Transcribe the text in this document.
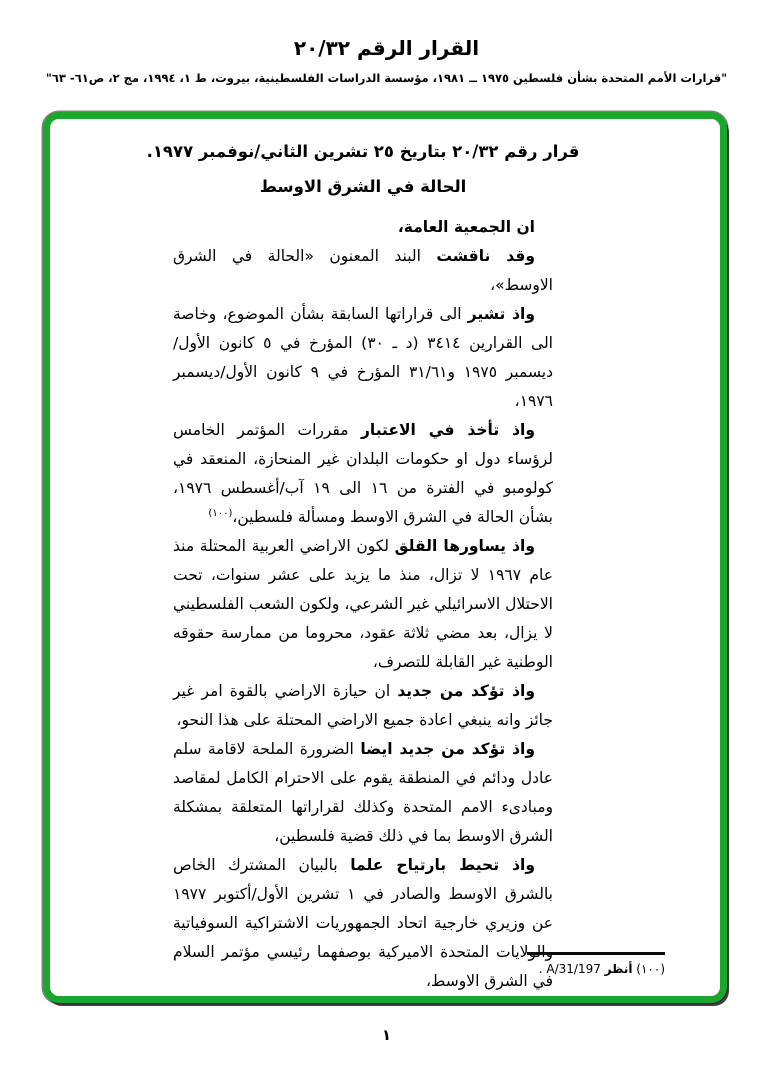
القرار الرقم ٢٠/٣٢
"قرارات الأمم المتحدة بشأن فلسطين ١٩٧٥ ــ ١٩٨١، مؤسسة الدراسات الفلسطينية، بيروت، ط ١، ١٩٩٤، مج ٢، ص٦١- ٦٣"
قرار رقم ٢٠/٣٢ بتاريخ ٢٥ تشرين الثاني/نوفمبر ١٩٧٧.
الحالة في الشرق الاوسط
ان الجمعية العامة،
وقد ناقشت البند المعنون «الحالة في الشرق الاوسط»،
واذ تشير الى قراراتها السابقة بشأن الموضوع، وخاصة الى القرارين ٣٤١٤ (د ـ ٣٠) المؤرخ في ٥ كانون الأول/ديسمبر ١٩٧٥ و٣١/٦١ المؤرخ في ٩ كانون الأول/ديسمبر ١٩٧٦،
واذ تأخذ في الاعتبار مقررات المؤتمر الخامس لرؤساء دول او حكومات البلدان غير المنحازة، المنعقد في كولومبو في الفترة من ١٦ الى ١٩ آب/أغسطس ١٩٧٦، بشأن الحالة في الشرق الاوسط ومسألة فلسطين،$^{(١٠٠)}$
واذ يساورها القلق لكون الاراضي العربية المحتلة منذ عام ١٩٦٧ لا تزال، منذ ما يزيد على عشر سنوات، تحت الاحتلال الاسرائيلي غير الشرعي، ولكون الشعب الفلسطيني لا يزال، بعد مضي ثلاثة عقود، محروما من ممارسة حقوقه الوطنية غير القابلة للتصرف،
واذ تؤكد من جديد ان حيازة الاراضي بالقوة امر غير جائز وانه ينبغي اعادة جميع الاراضي المحتلة على هذا النحو،
واذ تؤكد من جديد ايضا الضرورة الملحة لاقامة سلم عادل ودائم في المنطقة يقوم على الاحترام الكامل لمقاصد ومبادىء الامم المتحدة وكذلك لقراراتها المتعلقة بمشكلة الشرق الاوسط بما في ذلك قضية فلسطين،
واذ تحيط بارتياح علما بالبيان المشترك الخاص بالشرق الاوسط والصادر في ١ تشرين الأول/أكتوبر ١٩٧٧ عن وزيري خارجية اتحاد الجمهوريات الاشتراكية السوفياتية والولايات المتحدة الاميركية بوصفهما رئيسي مؤتمر السلام في الشرق الاوسط،
(١٠٠) أنظر A/31/197 .
١
